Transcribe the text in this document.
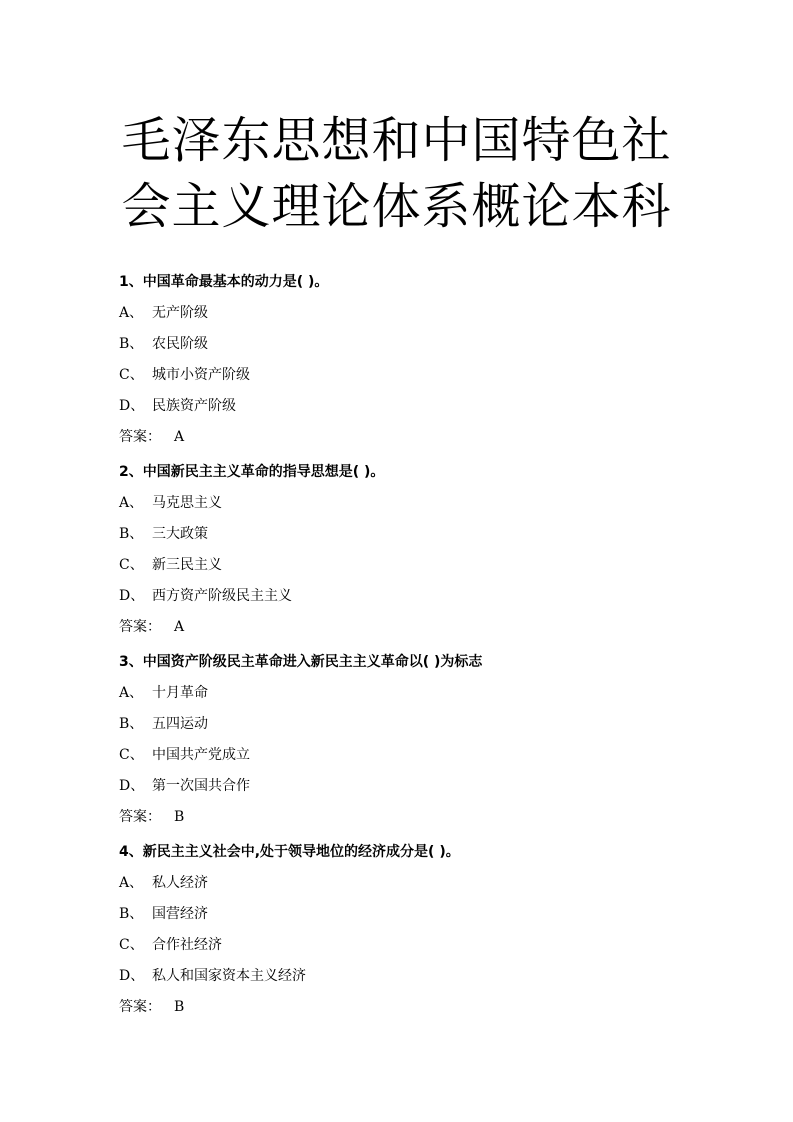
毛泽东思想和中国特色社
会主义理论体系概论本科
1、中国革命最基本的动力是( )。
A、 无产阶级
B、 农民阶级
C、 城市小资产阶级
D、 民族资产阶级
答案： A
2、中国新民主主义革命的指导思想是( )。
A、 马克思主义
B、 三大政策
C、 新三民主义
D、 西方资产阶级民主主义
答案： A
3、中国资产阶级民主革命进入新民主主义革命以( )为标志
A、 十月革命
B、 五四运动
C、 中国共产党成立
D、 第一次国共合作
答案： B
4、新民主主义社会中,处于领导地位的经济成分是( )。
A、 私人经济
B、 国营经济
C、 合作社经济
D、 私人和国家资本主义经济
答案： B
